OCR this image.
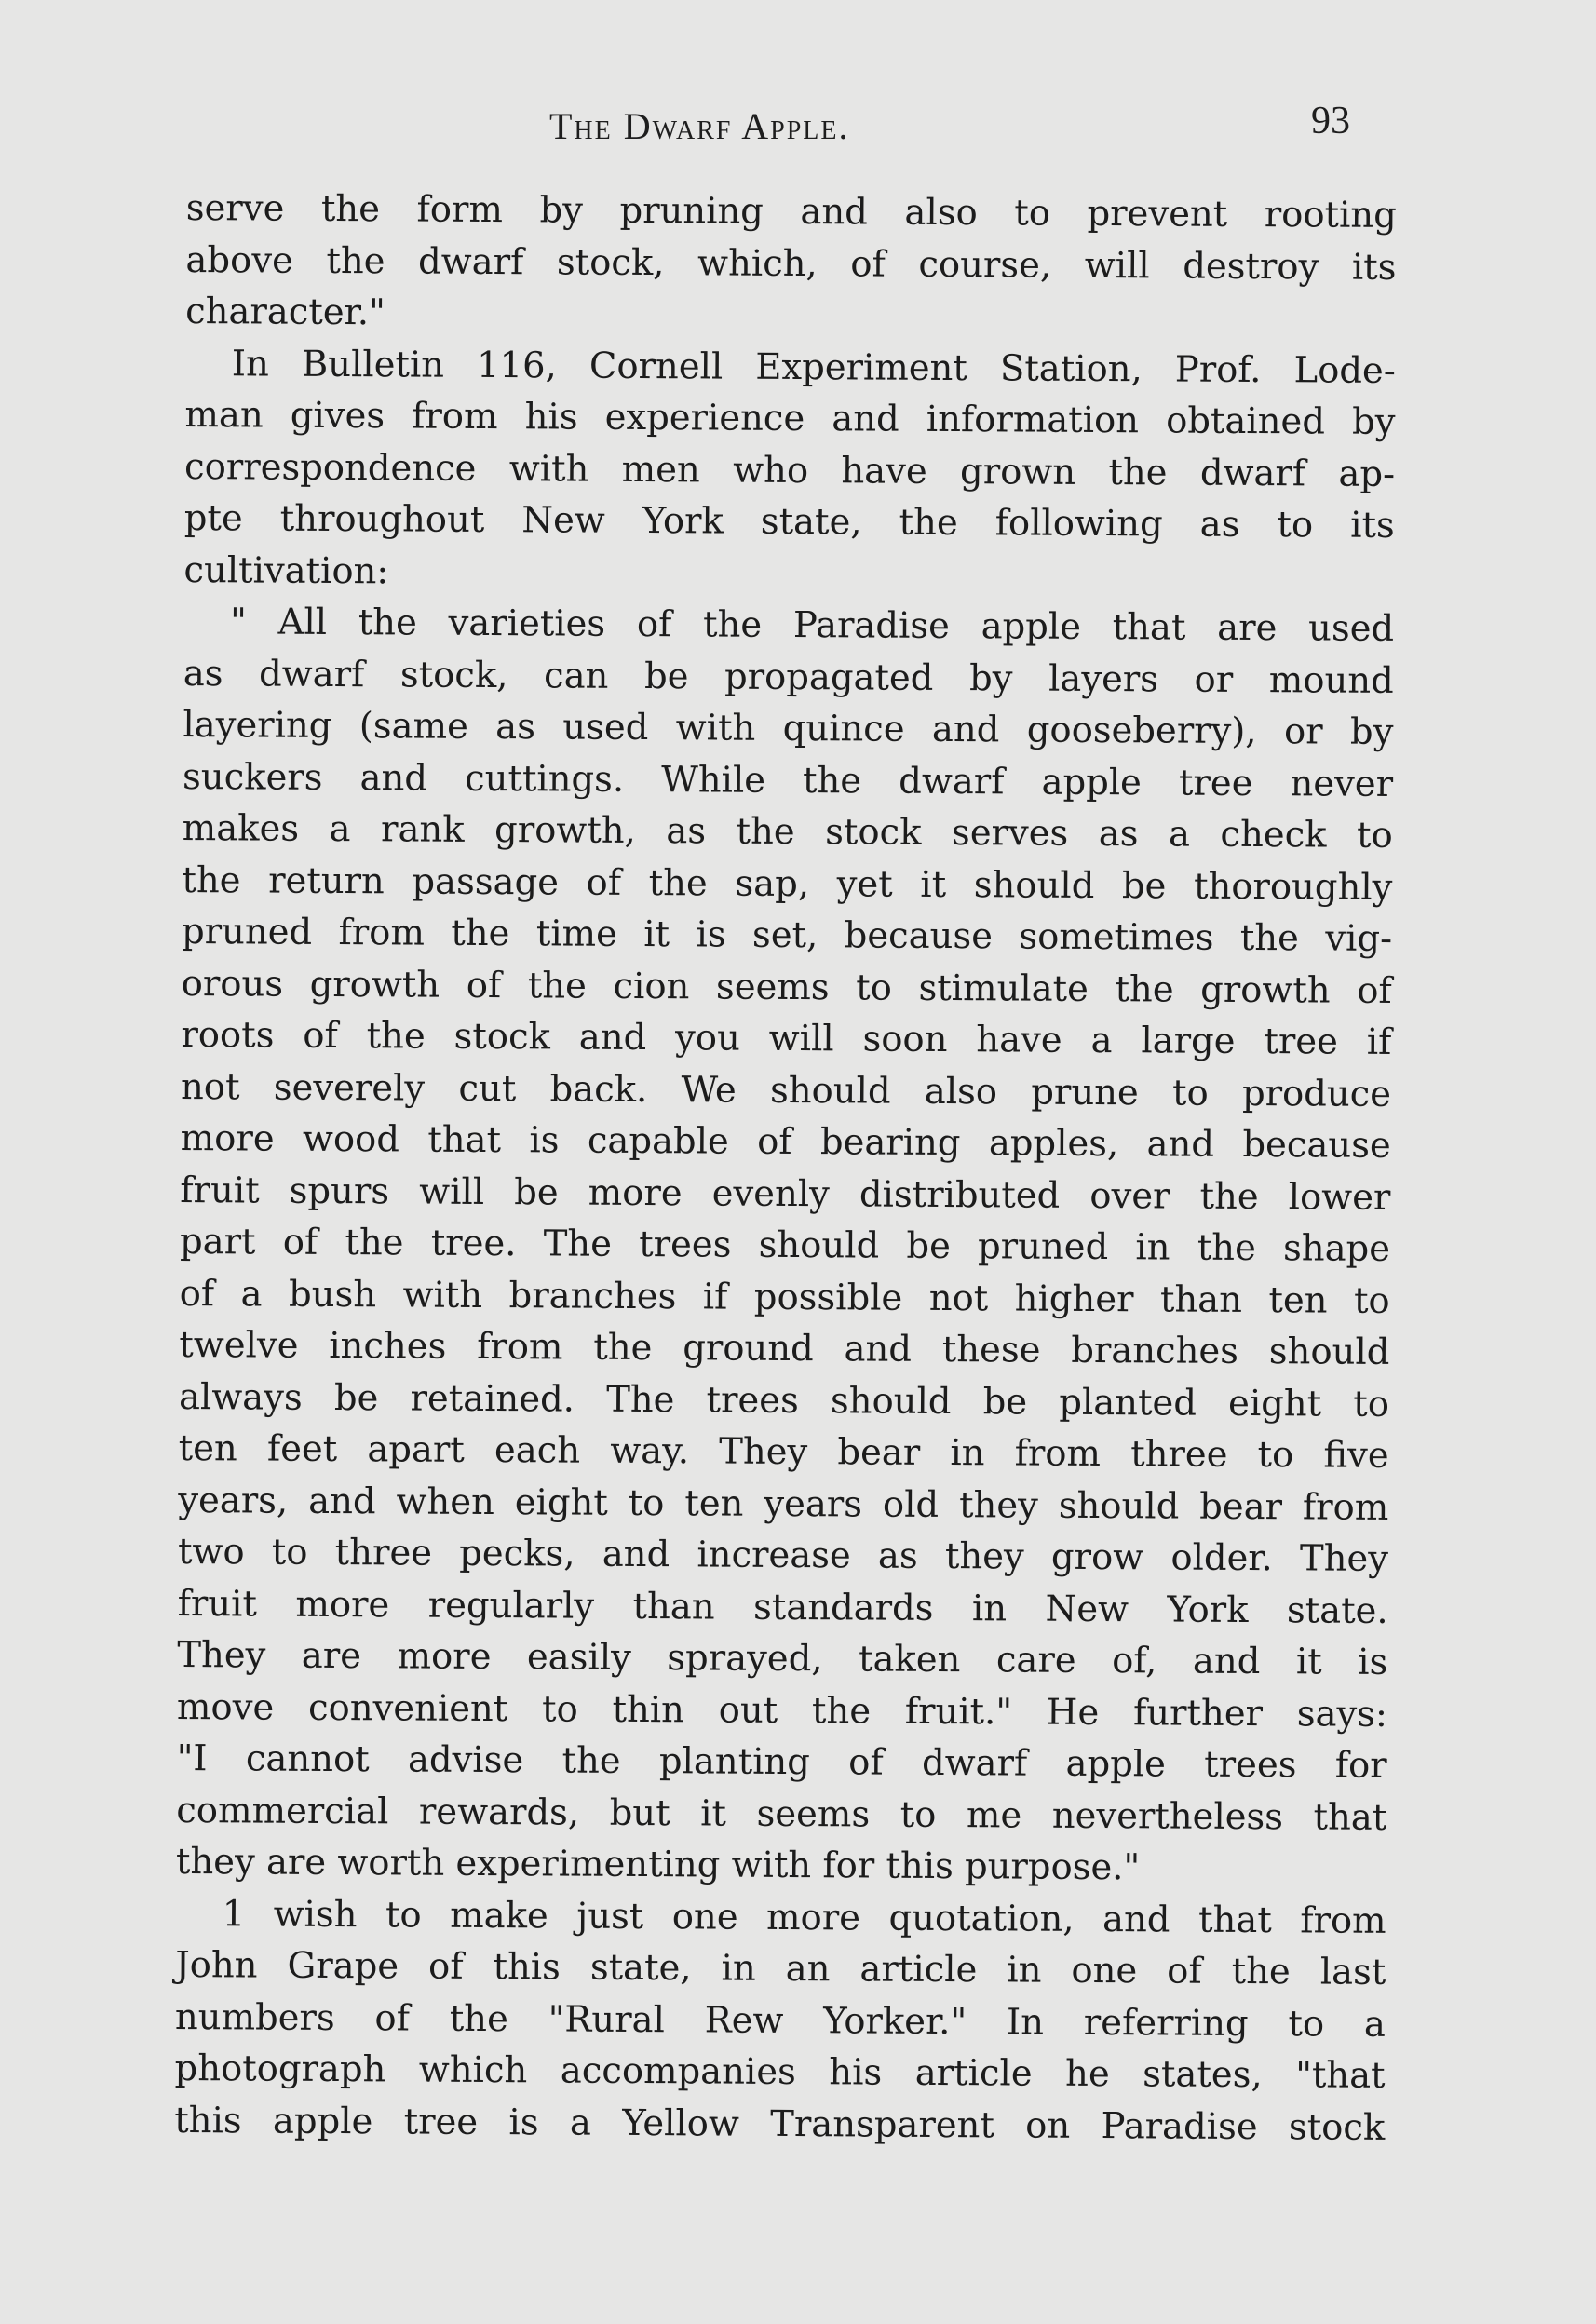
The Dwarf Apple.	93
serve the form by pruning and also to prevent rooting
above the dwarf stock, which, of course, will destroy its
character."
In Bulletin 116, Cornell Experiment Station, Prof. Lode-
man gives from his experience and information obtained by
correspondence with men who have grown the dwarf ap-
pte throughout New York state, the following as to its
cultivation:
" All the varieties of the Paradise apple that are used
as dwarf stock, can be propagated by layers or mound
layering (same as used with quince and gooseberry), or by
suckers and cuttings. While the dwarf apple tree never
makes a rank growth, as the stock serves as a check to
the return passage of the sap, yet it should be thoroughly
pruned from the time it is set, because sometimes the vig-
orous growth of the cion seems to stimulate the growth of
roots of the stock and you will soon have a large tree if
not severely cut back. We should also prune to produce
more wood that is capable of bearing apples, and because
fruit spurs will be more evenly distributed over the lower
part of the tree. The trees should be pruned in the shape
of a bush with branches if possible not higher than ten to
twelve inches from the ground and these branches should
always be retained. The trees should be planted eight to
ten feet apart each way. They bear in from three to five
years, and when eight to ten years old they should bear from
two to three pecks, and increase as they grow older. They
fruit more regularly than standards in New York state.
They are more easily sprayed, taken care of, and it is
move convenient to thin out the fruit." He further says:
"I cannot advise the planting of dwarf apple trees for
commercial rewards, but it seems to me nevertheless that
they are worth experimenting with for this purpose."
1 wish to make just one more quotation, and that from
John Grape of this state, in an article in one of the last
numbers of the "Rural Rew Yorker." In referring to a
photograph which accompanies his article he states, "that
this apple tree is a Yellow Transparent on Paradise stock
